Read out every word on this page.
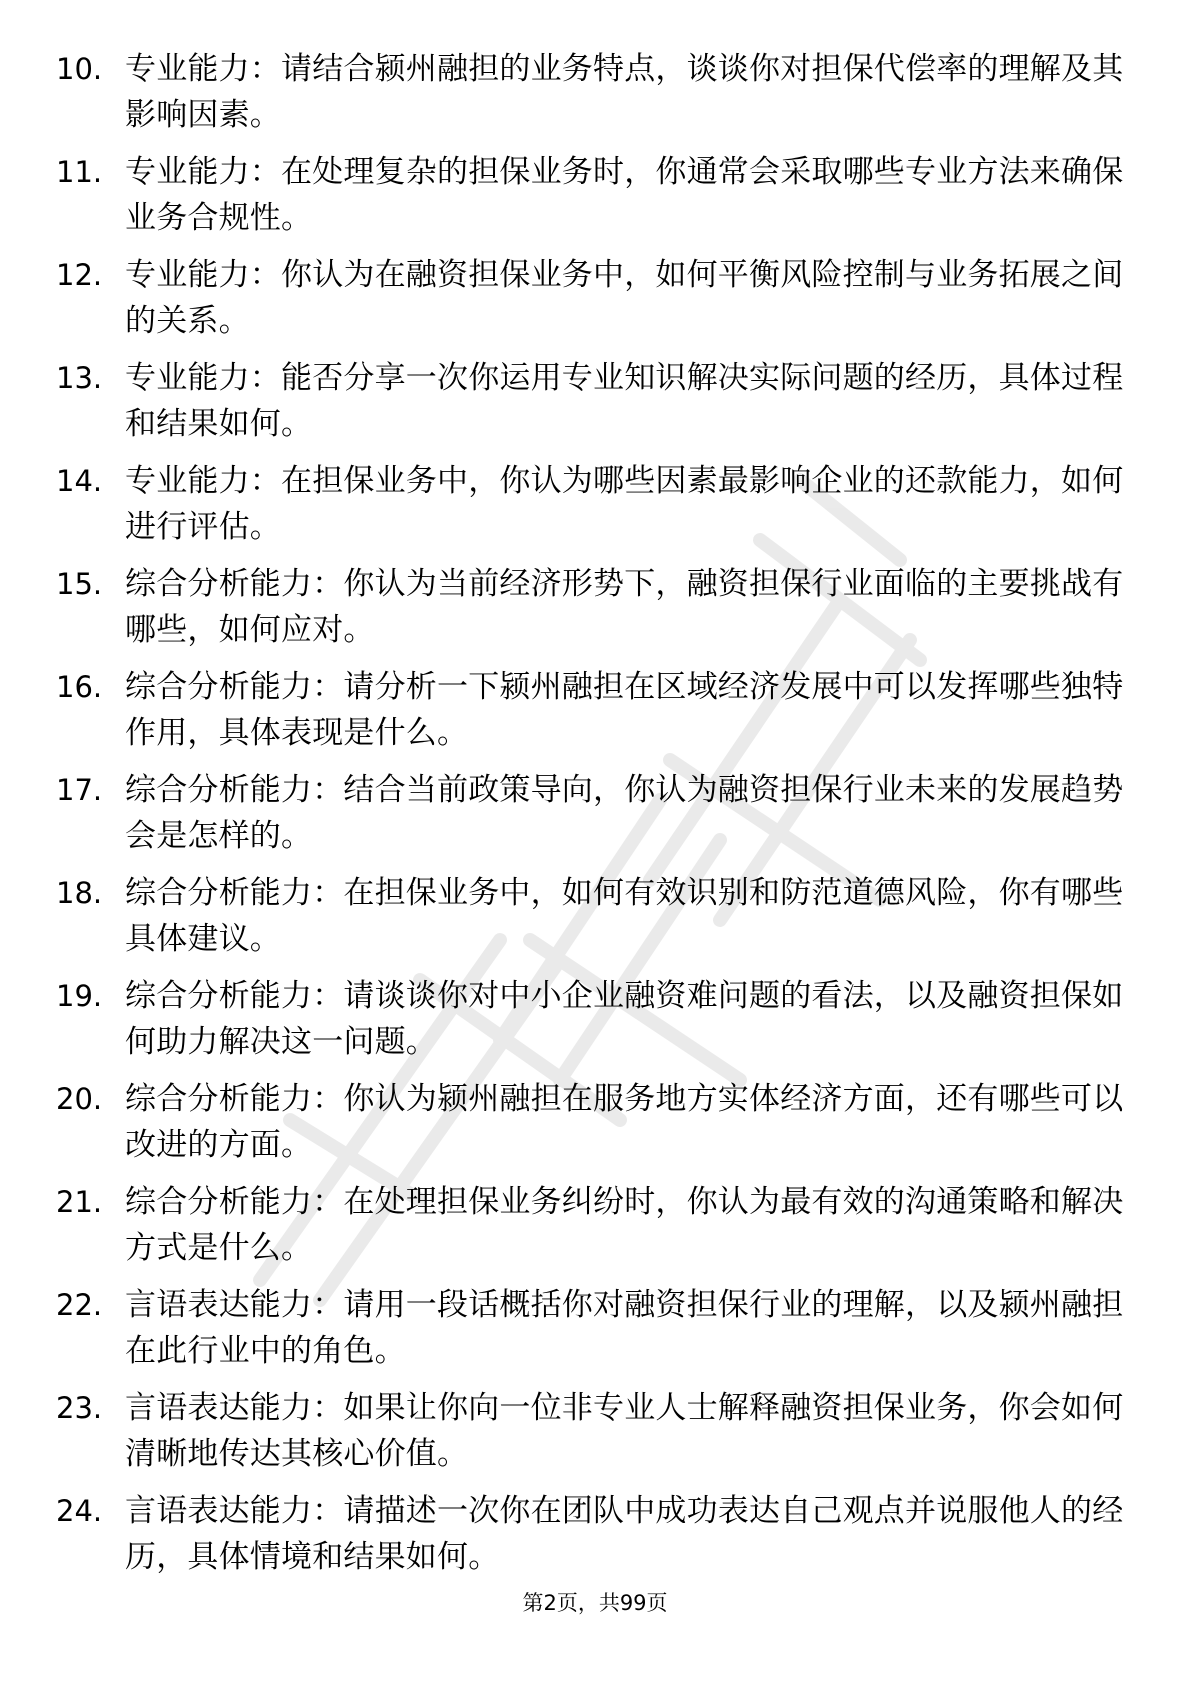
10. 专业能力：请结合颍州融担的业务特点，谈谈你对担保代偿率的理解及其影响因素。
11. 专业能力：在处理复杂的担保业务时，你通常会采取哪些专业方法来确保业务合规性。
12. 专业能力：你认为在融资担保业务中，如何平衡风险控制与业务拓展之间的关系。
13. 专业能力：能否分享一次你运用专业知识解决实际问题的经历，具体过程和结果如何。
14. 专业能力：在担保业务中，你认为哪些因素最影响企业的还款能力，如何进行评估。
15. 综合分析能力：你认为当前经济形势下，融资担保行业面临的主要挑战有哪些，如何应对。
16. 综合分析能力：请分析一下颍州融担在区域经济发展中可以发挥哪些独特作用，具体表现是什么。
17. 综合分析能力：结合当前政策导向，你认为融资担保行业未来的发展趋势会是怎样的。
18. 综合分析能力：在担保业务中，如何有效识别和防范道德风险，你有哪些具体建议。
19. 综合分析能力：请谈谈你对中小企业融资难问题的看法，以及融资担保如何助力解决这一问题。
20. 综合分析能力：你认为颍州融担在服务地方实体经济方面，还有哪些可以改进的方面。
21. 综合分析能力：在处理担保业务纠纷时，你认为最有效的沟通策略和解决方式是什么。
22. 言语表达能力：请用一段话概括你对融资担保行业的理解，以及颍州融担在此行业中的角色。
23. 言语表达能力：如果让你向一位非专业人士解释融资担保业务，你会如何清晰地传达其核心价值。
24. 言语表达能力：请描述一次你在团队中成功表达自己观点并说服他人的经历，具体情境和结果如何。
第2页，共99页
